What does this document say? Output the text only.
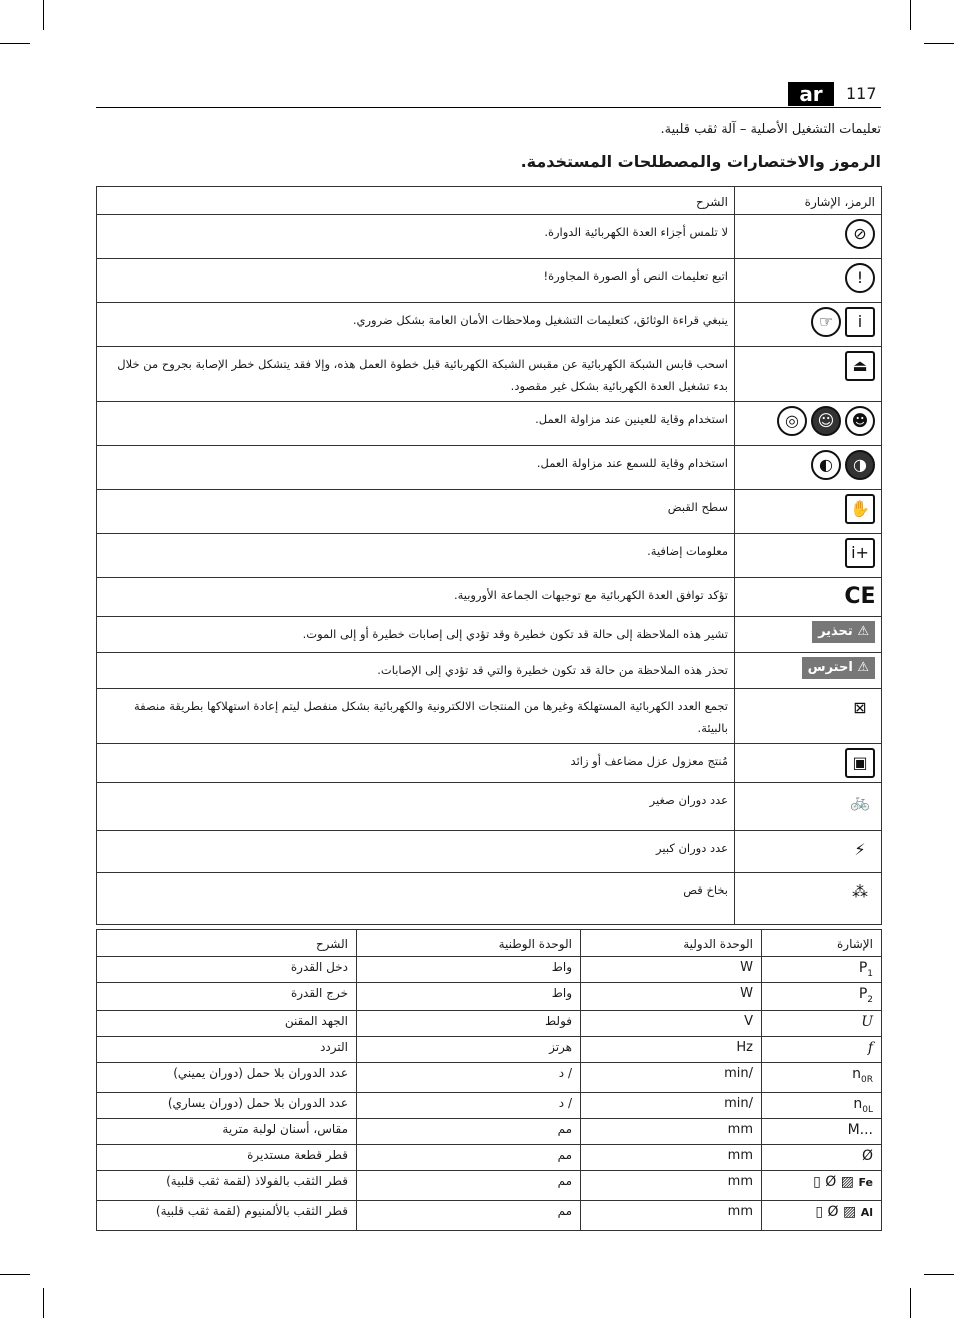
ar	117
تعليمات التشغيل الأصلية – آلة ثقب قلبية.
الرموز والاختصارات والمصطلحات المستخدمة.
الرمز، الإشارة	الشرح

⊘	لا تلمس أجزاء العدة الكهربائية الدوارة.

!	اتبع تعليمات النص أو الصورة المجاورة!

☞ i	ينبغي قراءة الوثائق، كتعليمات التشغيل وملاحظات الأمان العامة بشكل ضروري.

⏏	اسحب قابس الشبكة الكهربائية عن مقبس الشبكة الكهربائية قبل خطوة العمل هذه، وإلا فقد يتشكل خطر الإصابة بجروح من خلال بدء تشغيل العدة الكهربائية بشكل غير مقصود.

◎ ☺ ☻	استخدام وقاية للعينين عند مزاولة العمل.

◐ ◑	استخدام وقاية للسمع عند مزاولة العمل.

✋	سطح القبض

i+	معلومات إضافية.

CE	تؤكد توافق العدة الكهربائية مع توجيهات الجماعة الأوروبية.

⚠ تحذير	تشير هذه الملاحظة إلى حالة قد تكون خطيرة وقد تؤدي إلى إصابات خطيرة أو إلى الموت.

⚠ احترس	تحذر هذه الملاحظة من حالة قد تكون خطيرة والتي قد تؤدي إلى الإصابات.

⊠	تجمع العدد الكهربائية المستهلكة وغيرها من المنتجات الالكترونية والكهربائية بشكل منفصل ليتم إعادة استهلاكها بطريقة منصفة بالبيئة.

▣	مُنتج معزول عزل مضاعف أو زائد

🚲	عدد دوران صغير

⚡	عدد دوران كبير

⁂	بخاخ قص
الإشارة	الوحدة الدولية	الوحدة الوطنية	الشرح
$P_1$	W	واط	دخل القدرة
$P_2$	W	واط	خرج القدرة
U	V	فولط	الجهد المقنن
f	Hz	هرتز	التردد
$n_{0R}$	/min	/ د	عدد الدوران بلا حمل (دوران يميني)
$n_{0L}$	/min	/ د	عدد الدوران بلا حمل (دوران يساري)
M...	mm	مم	مقاس، أسنان لولبة مترية
Ø	mm	مم	قطر قطعة مستديرة
▯ Ø ▨ Fe	mm	مم	قطر الثقب بالفولاذ (لقمة ثقب قلبية)
▯ Ø ▨ Al	mm	مم	قطر الثقب بالألمنيوم (لقمة ثقب قلبية)
